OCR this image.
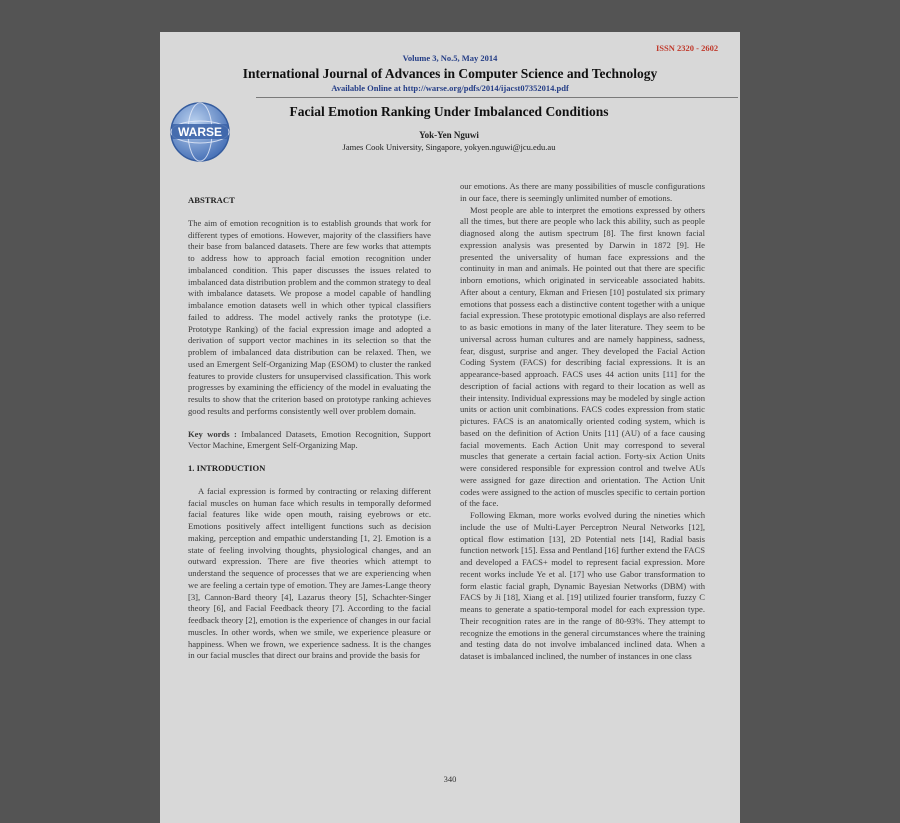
ISSN 2320 - 2602
Volume 3, No.5, May 2014
International Journal of Advances in Computer Science and Technology
Available Online at http://warse.org/pdfs/2014/ijacst07352014.pdf
WARSE
Facial Emotion Ranking Under Imbalanced Conditions
Yok-Yen Nguwi
James Cook University, Singapore, yokyen.nguwi@jcu.edu.au

ABSTRACT

The aim of emotion recognition is to establish grounds that work for different types of emotions. However, majority of the classifiers have their base from balanced datasets. There are few works that attempts to address how to approach facial emotion recognition under imbalanced condition. This paper discusses the issues related to imbalanced data distribution problem and the common strategy to deal with imbalance datasets. We propose a model capable of handling imbalance emotion datasets well in which other typical classifiers failed to address. The model actively ranks the prototype (i.e. Prototype Ranking) of the facial expression image and adopted a derivation of support vector machines in its selection so that the problem of imbalanced data distribution can be relaxed. Then, we used an Emergent Self-Organizing Map (ESOM) to cluster the ranked features to provide clusters for unsupervised classification. This work progresses by examining the efficiency of the model in evaluating the results to show that the criterion based on prototype ranking achieves good results and performs consistently well over problem domain.

Key words : Imbalanced Datasets, Emotion Recognition, Support Vector Machine, Emergent Self-Organizing Map.

1. INTRODUCTION

A facial expression is formed by contracting or relaxing different facial muscles on human face which results in temporally deformed facial features like wide open mouth, raising eyebrows or etc. Emotions positively affect intelligent functions such as decision making, perception and empathic understanding [1, 2]. Emotion is a state of feeling involving thoughts, physiological changes, and an outward expression. There are five theories which attempt to understand the sequence of processes that we are experiencing when we are feeling a certain type of emotion. They are James-Lange theory [3], Cannon-Bard theory [4], Lazarus theory [5], Schachter-Singer theory [6], and Facial Feedback theory [7]. According to the facial feedback theory [2], emotion is the experience of changes in our facial muscles. In other words, when we smile, we experience pleasure or happiness. When we frown, we experience sadness. It is the changes in our facial muscles that direct our brains and provide the basis for

our emotions. As there are many possibilities of muscle configurations in our face, there is seemingly unlimited number of emotions.

Most people are able to interpret the emotions expressed by others all the times, but there are people who lack this ability, such as people diagnosed along the autism spectrum [8]. The first known facial expression analysis was presented by Darwin in 1872 [9]. He presented the universality of human face expressions and the continuity in man and animals. He pointed out that there are specific inborn emotions, which originated in serviceable associated habits. After about a century, Ekman and Friesen [10] postulated six primary emotions that possess each a distinctive content together with a unique facial expression. These prototypic emotional displays are also referred to as basic emotions in many of the later literature. They seem to be universal across human cultures and are namely happiness, sadness, fear, disgust, surprise and anger. They developed the Facial Action Coding System (FACS) for describing facial expressions. It is an appearance-based approach. FACS uses 44 action units [11] for the description of facial actions with regard to their location as well as their intensity. Individual expressions may be modeled by single action units or action unit combinations. FACS codes expression from static pictures. FACS is an anatomically oriented coding system, which is based on the definition of Action Units [11] (AU) of a face causing facial movements. Each Action Unit may correspond to several muscles that generate a certain facial action. Forty-six Action Units were considered responsible for expression control and twelve AUs were assigned for gaze direction and orientation. The Action Unit codes were assigned to the action of muscles specific to certain portion of the face.

Following Ekman, more works evolved during the nineties which include the use of Multi-Layer Perceptron Neural Networks [12], optical flow estimation [13], 2D Potential nets [14], Radial basis function network [15]. Essa and Pentland [16] further extend the FACS and developed a FACS+ model to represent facial expression. More recent works include Ye et al. [17] who use Gabor transformation to form elastic facial graph, Dynamic Bayesian Networks (DBM) with FACS by Ji [18], Xiang et al. [19] utilized fourier transform, fuzzy C means to generate a spatio-temporal model for each expression type. Their recognition rates are in the range of 80-93%. They attempt to recognize the emotions in the general circumstances where the training and testing data do not involve imbalanced inclined data. When a dataset is imbalanced inclined, the number of instances in one class

340
